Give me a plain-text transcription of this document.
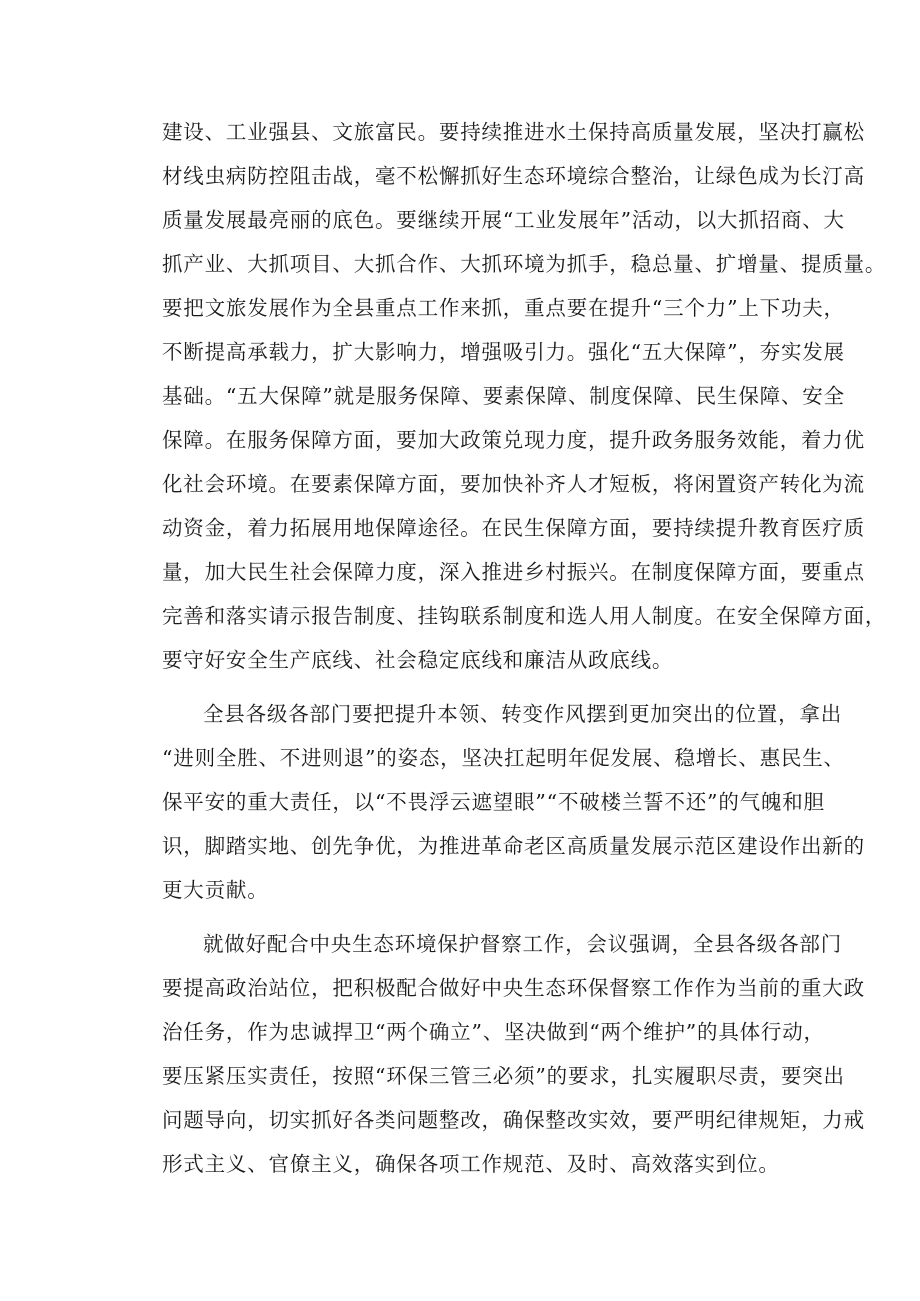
建设、工业强县、文旅富民。要持续推进水土保持高质量发展，坚决打赢松
材线虫病防控阻击战，毫不松懈抓好生态环境综合整治，让绿色成为长汀高
质量发展最亮丽的底色。要继续开展“工业发展年”活动，以大抓招商、大
抓产业、大抓项目、大抓合作、大抓环境为抓手，稳总量、扩增量、提质量。
要把文旅发展作为全县重点工作来抓，重点要在提升“三个力”上下功夫，
不断提高承载力，扩大影响力，增强吸引力。强化“五大保障”，夯实发展
基础。“五大保障”就是服务保障、要素保障、制度保障、民生保障、安全
保障。在服务保障方面，要加大政策兑现力度，提升政务服务效能，着力优
化社会环境。在要素保障方面，要加快补齐人才短板，将闲置资产转化为流
动资金，着力拓展用地保障途径。在民生保障方面，要持续提升教育医疗质
量，加大民生社会保障力度，深入推进乡村振兴。在制度保障方面，要重点
完善和落实请示报告制度、挂钩联系制度和选人用人制度。在安全保障方面，
要守好安全生产底线、社会稳定底线和廉洁从政底线。
全县各级各部门要把提升本领、转变作风摆到更加突出的位置，拿出
“进则全胜、不进则退”的姿态，坚决扛起明年促发展、稳增长、惠民生、
保平安的重大责任，以“不畏浮云遮望眼”“不破楼兰誓不还”的气魄和胆
识，脚踏实地、创先争优，为推进革命老区高质量发展示范区建设作出新的
更大贡献。
就做好配合中央生态环境保护督察工作，会议强调，全县各级各部门
要提高政治站位，把积极配合做好中央生态环保督察工作作为当前的重大政
治任务，作为忠诚捍卫“两个确立”、坚决做到“两个维护”的具体行动，
要压紧压实责任，按照“环保三管三必须”的要求，扎实履职尽责，要突出
问题导向，切实抓好各类问题整改，确保整改实效，要严明纪律规矩，力戒
形式主义、官僚主义，确保各项工作规范、及时、高效落实到位。
